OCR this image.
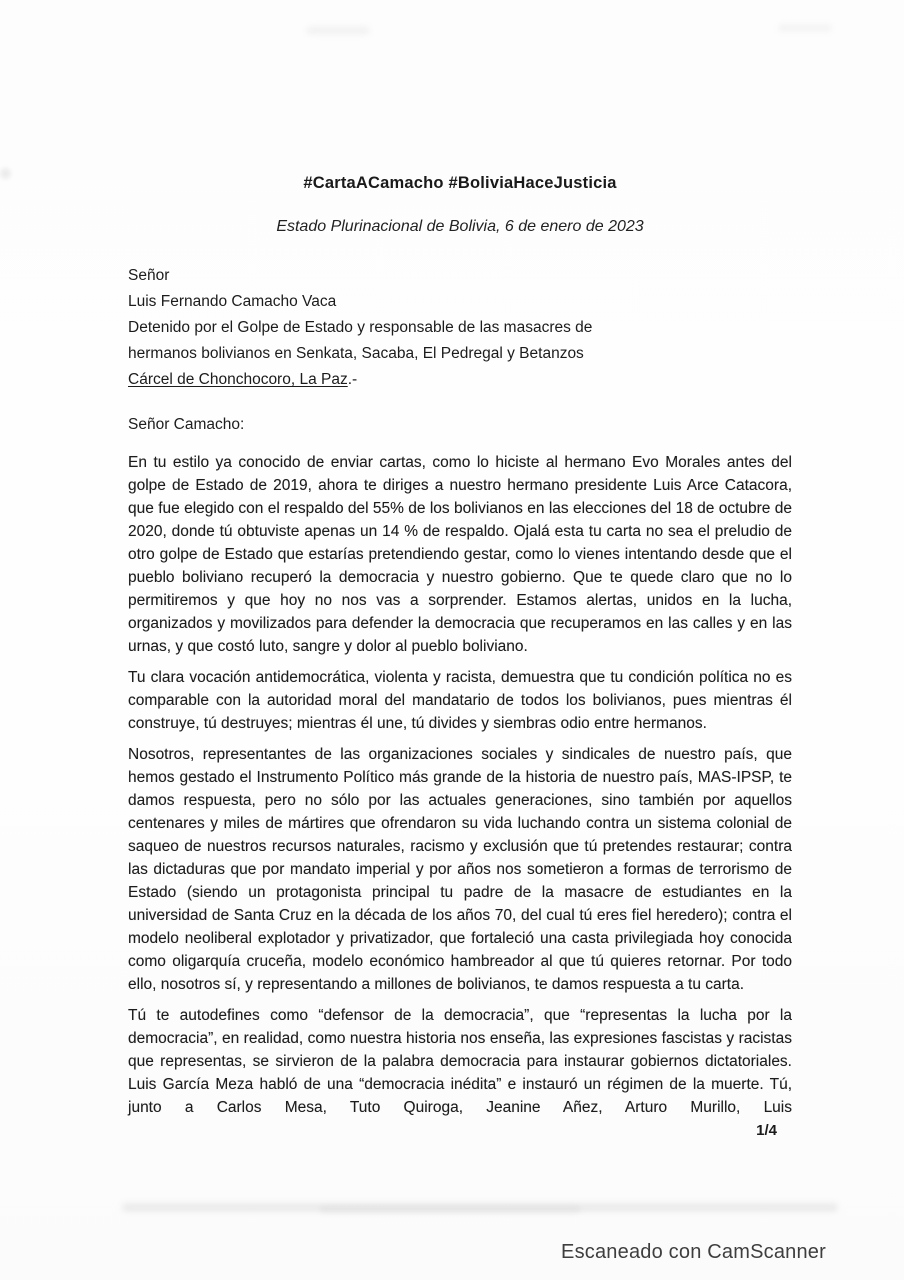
#CartaACamacho #BoliviaHaceJusticia
Estado Plurinacional de Bolivia, 6 de enero de 2023
Señor
Luis Fernando Camacho Vaca
Detenido por el Golpe de Estado y responsable de las masacres de
hermanos bolivianos en Senkata, Sacaba, El Pedregal y Betanzos
Cárcel de Chonchocoro, La Paz.-
Señor Camacho:

En tu estilo ya conocido de enviar cartas, como lo hiciste al hermano Evo Morales antes del golpe de Estado de 2019, ahora te diriges a nuestro hermano presidente Luis Arce Catacora, que fue elegido con el respaldo del 55% de los bolivianos en las elecciones del 18 de octubre de 2020, donde tú obtuviste apenas un 14 % de respaldo. Ojalá esta tu carta no sea el preludio de otro golpe de Estado que estarías pretendiendo gestar, como lo vienes intentando desde que el pueblo boliviano recuperó la democracia y nuestro gobierno. Que te quede claro que no lo permitiremos y que hoy no nos vas a sorprender. Estamos alertas, unidos en la lucha, organizados y movilizados para defender la democracia que recuperamos en las calles y en las urnas, y que costó luto, sangre y dolor al pueblo boliviano.

Tu clara vocación antidemocrática, violenta y racista, demuestra que tu condición política no es comparable con la autoridad moral del mandatario de todos los bolivianos, pues mientras él construye, tú destruyes; mientras él une, tú divides y siembras odio entre hermanos.

Nosotros, representantes de las organizaciones sociales y sindicales de nuestro país, que hemos gestado el Instrumento Político más grande de la historia de nuestro país, MAS-IPSP, te damos respuesta, pero no sólo por las actuales generaciones, sino también por aquellos centenares y miles de mártires que ofrendaron su vida luchando contra un sistema colonial de saqueo de nuestros recursos naturales, racismo y exclusión que tú pretendes restaurar; contra las dictaduras que por mandato imperial y por años nos sometieron a formas de terrorismo de Estado (siendo un protagonista principal tu padre de la masacre de estudiantes en la universidad de Santa Cruz en la década de los años 70, del cual tú eres fiel heredero); contra el modelo neoliberal explotador y privatizador, que fortaleció una casta privilegiada hoy conocida como oligarquía cruceña, modelo económico hambreador al que tú quieres retornar. Por todo ello, nosotros sí, y representando a millones de bolivianos, te damos respuesta a tu carta.

Tú te autodefines como “defensor de la democracia”, que “representas la lucha por la democracia”, en realidad, como nuestra historia nos enseña, las expresiones fascistas y racistas que representas, se sirvieron de la palabra democracia para instaurar gobiernos dictatoriales. Luis García Meza habló de una “democracia inédita” e instauró un régimen de la muerte. Tú, junto a Carlos Mesa, Tuto Quiroga, Jeanine Añez, Arturo Murillo, Luis

1/4
Escaneado con CamScanner
